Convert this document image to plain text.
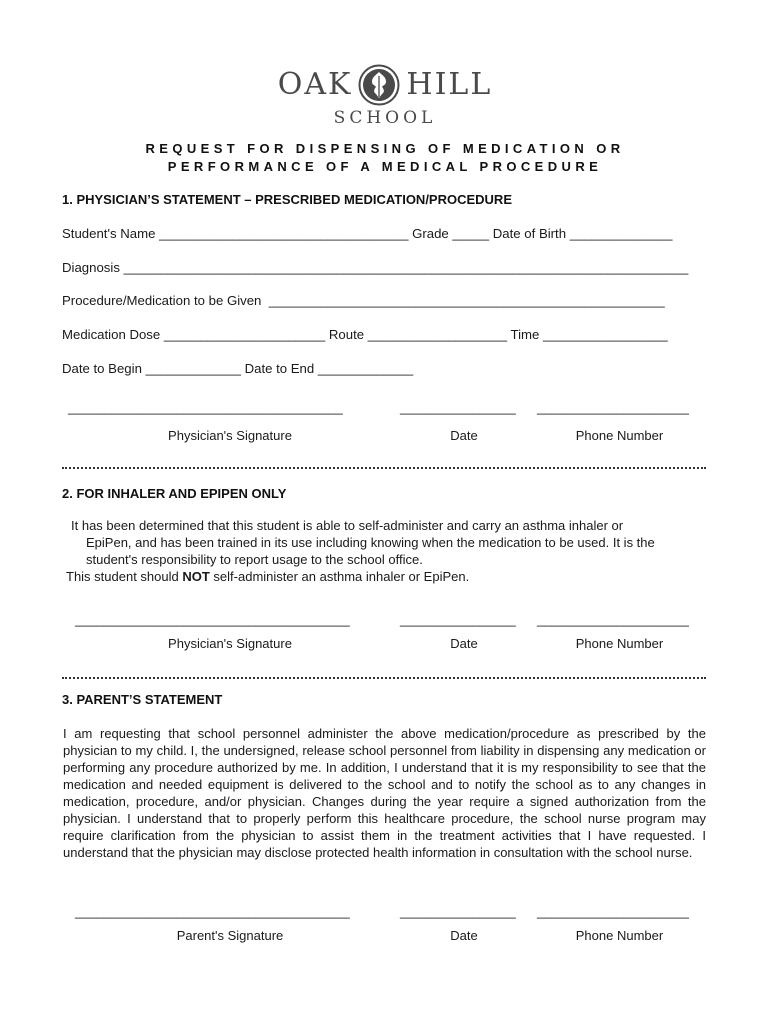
OAK HILL
SCHOOL
REQUEST FOR DISPENSING OF MEDICATION OR
PERFORMANCE OF A MEDICAL PROCEDURE
1. PHYSICIAN’S STATEMENT – PRESCRIBED MEDICATION/PROCEDURE
Student's Name __________________________________ Grade _____ Date of Birth ______________
Diagnosis _____________________________________________________________________________
Procedure/Medication to be Given  ______________________________________________________
Medication Dose ______________________ Route ___________________ Time _________________
Date to Begin _____________ Date to End _____________
______________________________________	________________ _____________________
Physician's Signature	Date	Phone Number
2. FOR INHALER AND EPIPEN ONLY
It has been determined that this student is able to self-administer and carry an asthma inhaler or
EpiPen, and has been trained in its use including knowing when the medication to be used. It is the
student's responsibility to report usage to the school office.
This student should NOT self-administer an asthma inhaler or EpiPen.
______________________________________	________________ _____________________
Physician's Signature	Date	Phone Number
3. PARENT’S STATEMENT
I am requesting that school personnel administer the above medication/procedure as prescribed by the physician to my child. I, the undersigned, release school personnel from liability in dispensing any medication or performing any procedure authorized by me. In addition, I understand that it is my responsibility to see that the medication and needed equipment is delivered to the school and to notify the school as to any changes in medication, procedure, and/or physician. Changes during the year require a signed authorization from the physician. I understand that to properly perform this healthcare procedure, the school nurse program may require clarification from the physician to assist them in the treatment activities that I have requested. I understand that the physician may disclose protected health information in consultation with the school nurse.
______________________________________	________________ _____________________
Parent's Signature	Date	Phone Number
